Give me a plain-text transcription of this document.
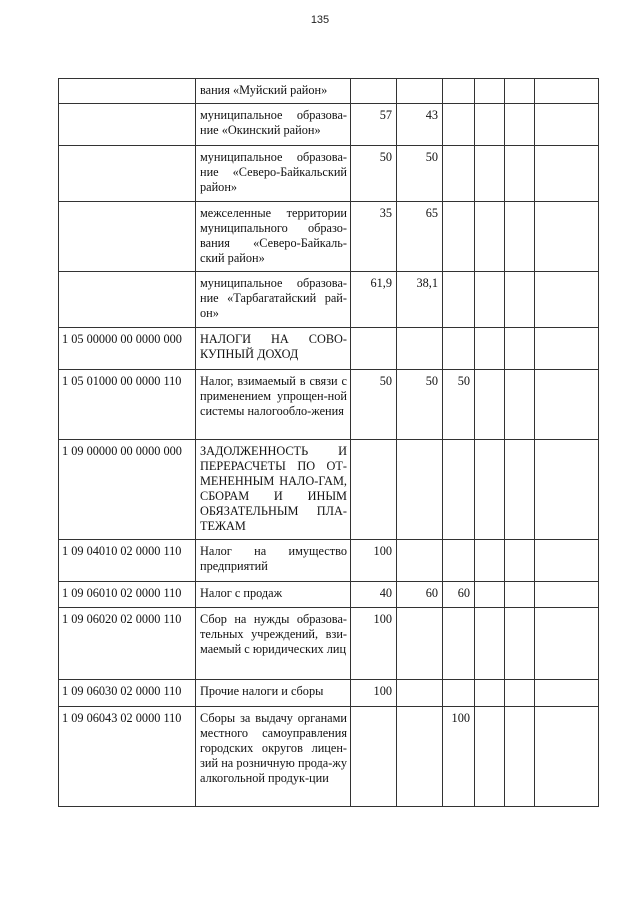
135
	вания «Муйский район»						
	муниципальное образова-ние «Окинский район»	57	43				
	муниципальное образова-ние «Северо-Байкальский район»	50	50				
	межселенные территории муниципального образо-вания «Северо-Байкаль-ский район»	35	65				
	муниципальное образова-ние «Тарбагатайский рай-он»	61,9	38,1				
1 05 00000 00 0000 000	НАЛОГИ НА СОВО-КУПНЫЙ ДОХОД						
1 05 01000 00 0000 110	Налог, взимаемый в связи с применением упрощен-ной системы налогообло-жения	50	50	50			
1 09 00000 00 0000 000	ЗАДОЛЖЕННОСТЬ И ПЕРЕРАСЧЕТЫ ПО ОТ-МЕНЕННЫМ НАЛО-ГАМ, СБОРАМ И ИНЫМ ОБЯЗАТЕЛЬНЫМ ПЛА-ТЕЖАМ						
1 09 04010 02 0000 110	Налог на имущество предприятий	100					
1 09 06010 02 0000 110	Налог с продаж	40	60	60			
1 09 06020 02 0000 110	Сбор на нужды образова-тельных учреждений, взи-маемый с юридических лиц	100					
1 09 06030 02 0000 110	Прочие налоги и сборы	100					
1 09 06043 02 0000 110	Сборы за выдачу органами местного самоуправления городских округов лицен-зий на розничную прода-жу алкогольной продук-ции			100			
